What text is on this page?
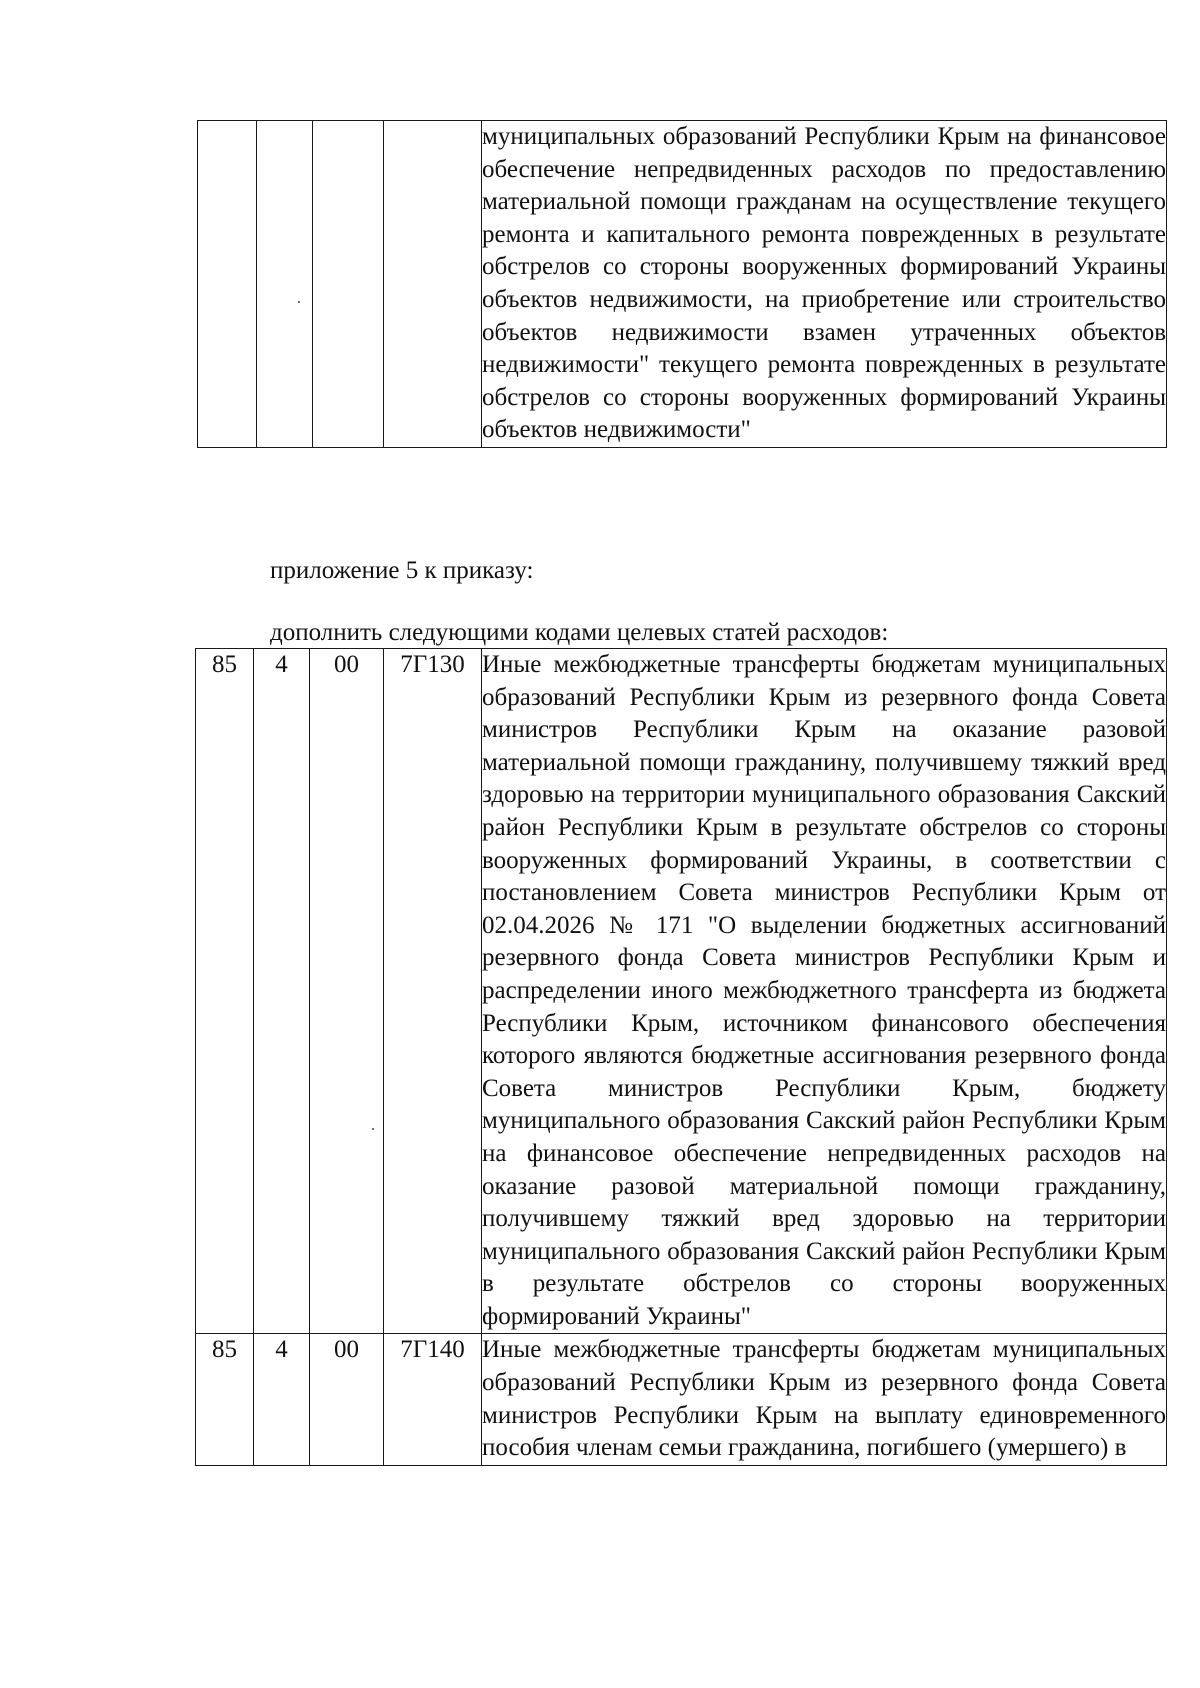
				муниципальных образований Республики Крым на финансовое обеспечение непредвиденных расходов по предоставлению материальной помощи гражданам на осуществление текущего ремонта и капитального ремонта поврежденных в результате обстрелов со стороны вооруженных формирований Украины объектов недвижимости, на приобретение или строительство объектов недвижимости взамен утраченных объектов недвижимости" текущего ремонта поврежденных в результате обстрелов со стороны вооруженных формирований Украины объектов недвижимости"
приложение 5 к приказу:
дополнить следующими кодами целевых статей расходов:
85	4	00	7Г130	Иные межбюджетные трансферты бюджетам муниципальных образований Республики Крым из резервного фонда Совета министров Республики Крым на оказание разовой материальной помощи гражданину, получившему тяжкий вред здоровью на территории муниципального образования Сакский район Республики Крым в результате обстрелов со стороны вооруженных формирований Украины, в соответствии с постановлением Совета министров Республики Крым от 02.04.2026 № 171 "О выделении бюджетных ассигнований резервного фонда Совета министров Республики Крым и распределении иного межбюджетного трансферта из бюджета Республики Крым, источником финансового обеспечения которого являются бюджетные ассигнования резервного фонда Совета министров Республики Крым, бюджету муниципального образования Сакский район Республики Крым на финансовое обеспечение непредвиденных расходов на оказание разовой материальной помощи гражданину, получившему тяжкий вред здоровью на территории муниципального образования Сакский район Республики Крым в результате обстрелов со стороны вооруженных формирований Украины"
85	4	00	7Г140	Иные межбюджетные трансферты бюджетам муниципальных образований Республики Крым из резервного фонда Совета министров Республики Крым на выплату единовременного пособия членам семьи гражданина, погибшего (умершего) в
